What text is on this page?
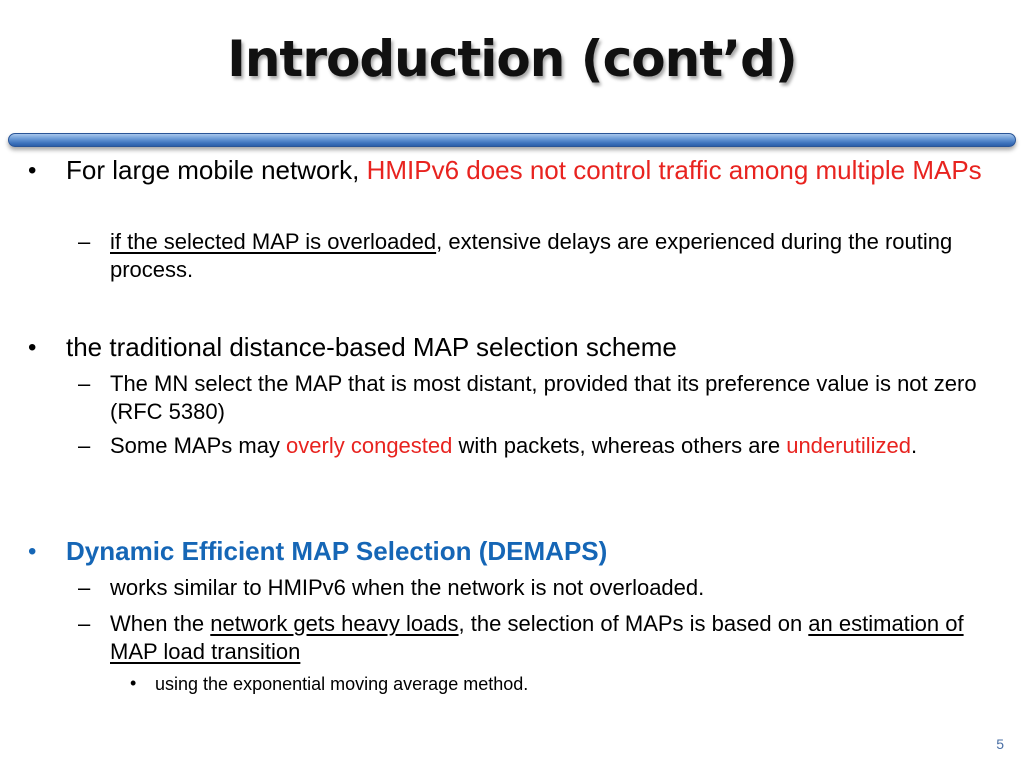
Introduction (cont’d)
• For large mobile network, HMIPv6 does not control traffic among multiple MAPs
– if the selected MAP is overloaded, extensive delays are experienced during the routing process.
• the traditional distance-based MAP selection scheme
– The MN select the MAP that is most distant, provided that its preference value is not zero (RFC 5380)
– Some MAPs may overly congested with packets, whereas others are underutilized.
• Dynamic Efficient MAP Selection (DEMAPS)
– works similar to HMIPv6 when the network is not overloaded.
– When the network gets heavy loads, the selection of MAPs is based on an estimation of MAP load transition
• using the exponential moving average method.
5
